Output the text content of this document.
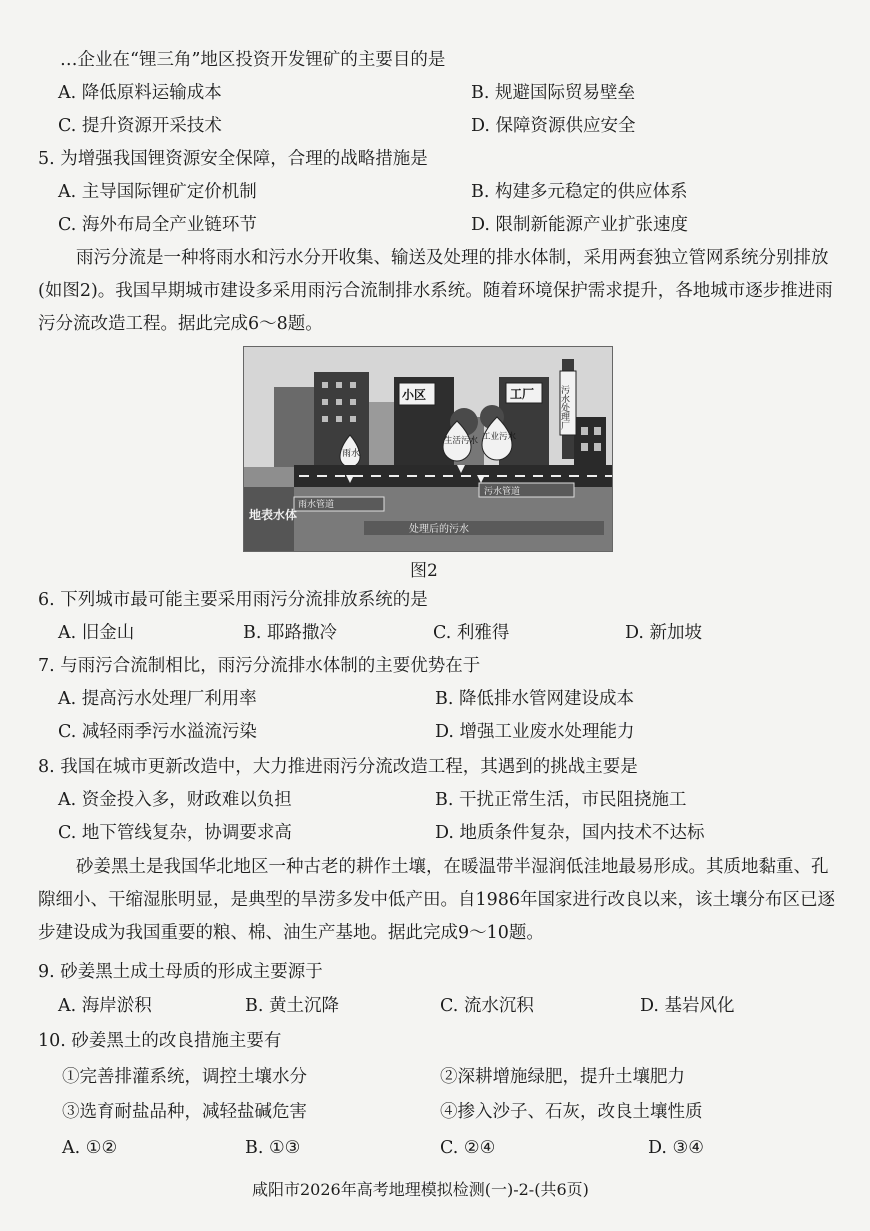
…企业在“锂三角”地区投资开发锂矿的主要目的是
A. 降低原料运输成本	B. 规避国际贸易壁垒
C. 提升资源开采技术	D. 保障资源供应安全
5. 为增强我国锂资源安全保障，合理的战略措施是
A. 主导国际锂矿定价机制	B. 构建多元稳定的供应体系
C. 海外布局全产业链环节	D. 限制新能源产业扩张速度
雨污分流是一种将雨水和污水分开收集、输送及处理的排水体制，采用两套独立管网系统分别排放(如图2)。我国早期城市建设多采用雨污合流制排水系统。随着环境保护需求提升，各地城市逐步推进雨污分流改造工程。据此完成6～8题。
小区	工厂
雨水
生活污水 工业污水
雨水管道
污水管道
地表水体
处理后的污水
污水处理厂
图2
6. 下列城市最可能主要采用雨污分流排放系统的是
A. 旧金山	B. 耶路撒冷	C. 利雅得	D. 新加坡
7. 与雨污合流制相比，雨污分流排水体制的主要优势在于
A. 提高污水处理厂利用率	B. 降低排水管网建设成本
C. 减轻雨季污水溢流污染	D. 增强工业废水处理能力
8. 我国在城市更新改造中，大力推进雨污分流改造工程，其遇到的挑战主要是
A. 资金投入多，财政难以负担	B. 干扰正常生活，市民阻挠施工
C. 地下管线复杂，协调要求高	D. 地质条件复杂，国内技术不达标
砂姜黑土是我国华北地区一种古老的耕作土壤，在暖温带半湿润低洼地最易形成。其质地黏重、孔隙细小、干缩湿胀明显，是典型的旱涝多发中低产田。自1986年国家进行改良以来，该土壤分布区已逐步建设成为我国重要的粮、棉、油生产基地。据此完成9～10题。
9. 砂姜黑土成土母质的形成主要源于
A. 海岸淤积	B. 黄土沉降	C. 流水沉积	D. 基岩风化
10. 砂姜黑土的改良措施主要有
①完善排灌系统，调控土壤水分	②深耕增施绿肥，提升土壤肥力
③选育耐盐品种，减轻盐碱危害	④掺入沙子、石灰，改良土壤性质
A. ①②	B. ①③	C. ②④	D. ③④
咸阳市2026年高考地理模拟检测(一)-2-(共6页)
